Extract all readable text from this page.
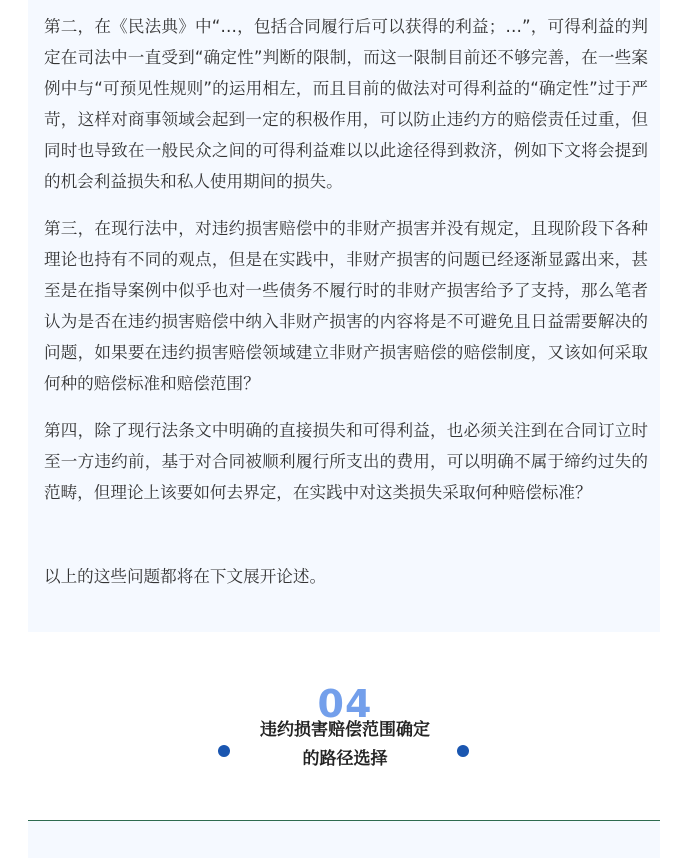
第二，在《民法典》中“…，包括合同履行后可以获得的利益；…”，可得利益的判定在司法中一直受到“确定性”判断的限制，而这一限制目前还不够完善，在一些案例中与“可预见性规则”的运用相左，而且目前的做法对可得利益的“确定性”过于严苛，这样对商事领域会起到一定的积极作用，可以防止违约方的赔偿责任过重，但同时也导致在一般民众之间的可得利益难以以此途径得到救济，例如下文将会提到的机会利益损失和私人使用期间的损失。

第三，在现行法中，对违约损害赔偿中的非财产损害并没有规定，且现阶段下各种理论也持有不同的观点，但是在实践中，非财产损害的问题已经逐渐显露出来，甚至是在指导案例中似乎也对一些债务不履行时的非财产损害给予了支持，那么笔者认为是否在违约损害赔偿中纳入非财产损害的内容将是不可避免且日益需要解决的问题，如果要在违约损害赔偿领域建立非财产损害赔偿的赔偿制度，又该如何采取何种的赔偿标准和赔偿范围？

第四，除了现行法条文中明确的直接损失和可得利益，也必须关注到在合同订立时至一方违约前，基于对合同被顺利履行所支出的费用，可以明确不属于缔约过失的范畴，但理论上该要如何去界定，在实践中对这类损失采取何种赔偿标准？

以上的这些问题都将在下文展开论述。

04
违约损害赔偿范围确定
的路径选择
